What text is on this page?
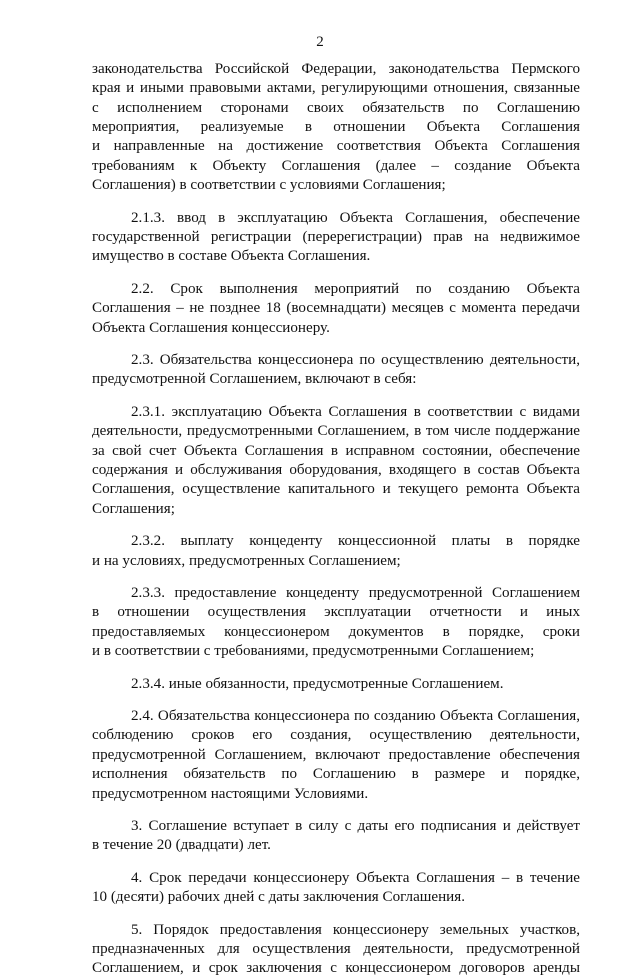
2
законодательства Российской Федерации, законодательства Пермского
края и иными правовыми актами, регулирующими отношения, связанные
с исполнением сторонами своих обязательств по Соглашению
мероприятия, реализуемые в отношении Объекта Соглашения
и направленные на достижение соответствия Объекта Соглашения
требованиям к Объекту Соглашения (далее – создание Объекта
Соглашения) в соответствии с условиями Соглашения;
2.1.3. ввод в эксплуатацию Объекта Соглашения, обеспечение
государственной регистрации (перерегистрации) прав на недвижимое
имущество в составе Объекта Соглашения.
2.2. Срок выполнения мероприятий по созданию Объекта
Соглашения – не позднее 18 (восемнадцати) месяцев с момента передачи
Объекта Соглашения концессионеру.
2.3. Обязательства концессионера по осуществлению деятельности,
предусмотренной Соглашением, включают в себя:
2.3.1. эксплуатацию Объекта Соглашения в соответствии с видами
деятельности, предусмотренными Соглашением, в том числе поддержание
за свой счет Объекта Соглашения в исправном состоянии, обеспечение
содержания и обслуживания оборудования, входящего в состав Объекта
Соглашения, осуществление капитального и текущего ремонта Объекта
Соглашения;
2.3.2. выплату концеденту концессионной платы в порядке
и на условиях, предусмотренных Соглашением;
2.3.3. предоставление концеденту предусмотренной Соглашением
в отношении осуществления эксплуатации отчетности и иных
предоставляемых концессионером документов в порядке, сроки
и в соответствии с требованиями, предусмотренными Соглашением;
2.3.4. иные обязанности, предусмотренные Соглашением.
2.4. Обязательства концессионера по созданию Объекта Соглашения,
соблюдению сроков его создания, осуществлению деятельности,
предусмотренной Соглашением, включают предоставление обеспечения
исполнения обязательств по Соглашению в размере и порядке,
предусмотренном настоящими Условиями.
3. Соглашение вступает в силу с даты его подписания и действует
в течение 20 (двадцати) лет.
4. Срок передачи концессионеру Объекта Соглашения – в течение
10 (десяти) рабочих дней с даты заключения Соглашения.
5. Порядок предоставления концессионеру земельных участков,
предназначенных для осуществления деятельности, предусмотренной
Соглашением, и срок заключения с концессионером договоров аренды
